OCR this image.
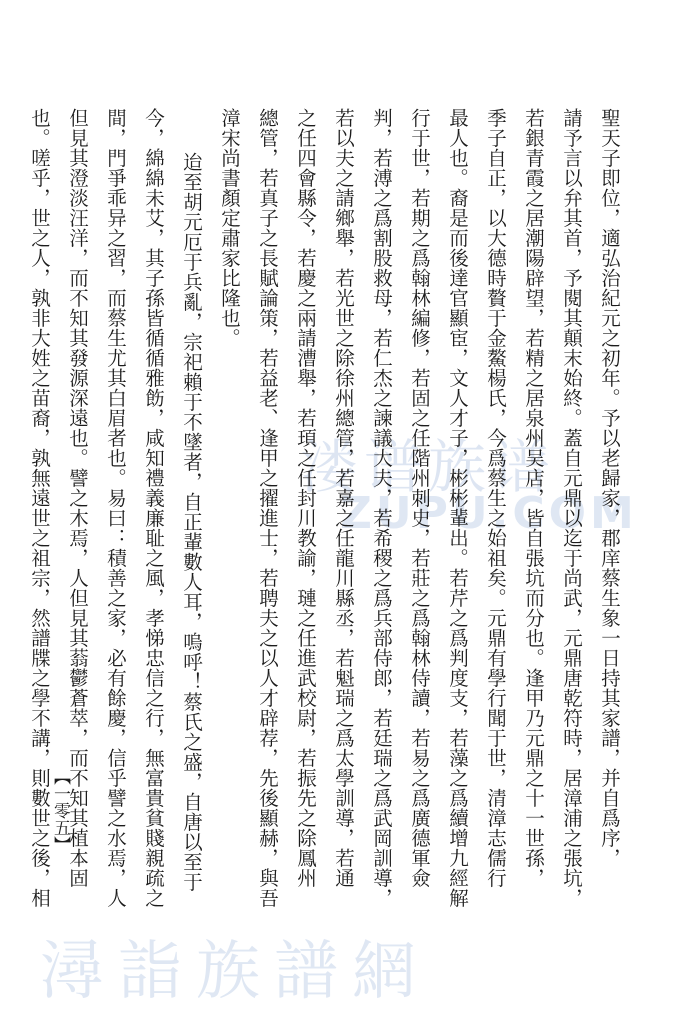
溇谱族谱
ZUPU.COM
潯詣族譜網
聖天子即位，適弘治紀元之初年。予以老歸家，郡庠蔡生象一日持其家譜，并自爲序，
請予言以弁其首，予閱其顛末始終。蓋自元鼎以迄于尚武，元鼎唐乾符時，居漳浦之張坑，
若銀青霞之居潮陽辟望，若精之居泉州吴店，皆自張坑而分也。逢甲乃元鼎之十一世孫，
季子自正，以大德時贅于金鰲楊氏，今爲蔡生之始祖矣。元鼎有學行聞于世，清漳志儒行
最人也。裔是而後達官顯宦，文人才子，彬彬輩出。若芹之爲判度支，若藻之爲續增九經解
行于世，若期之爲翰林編修，若固之任階州刺史，若莊之爲翰林侍讀，若易之爲廣德軍僉
判，若溥之爲割股救母，若仁杰之諫議大夫，若希稷之爲兵部侍郎，若廷瑞之爲武岡訓導，
若以夫之請鄉舉，若光世之除徐州總管，若嘉之任龍川縣丞，若魁瑞之爲太學訓導，若通
之任四會縣令，若慶之兩請漕舉，若頊之任封川教諭，璉之任進武校尉，若振先之除鳳州
總管，若真子之長賦論策，若益老、逢甲之擢進士，若聘夫之以人才辟荐，先後顯赫，與吾
漳宋尚書顏定肅家比隆也。
迨至胡元厄于兵亂，宗祀賴于不墜者，自正輩數人耳，嗚呼！蔡氏之盛，自唐以至于
今，綿綿未艾，其子孫皆循循雅飭，咸知禮義廉耻之風，孝悌忠信之行，無富貴貧賤親疏之
間，門爭乖异之習，而蔡生尤其白眉者也。易曰：積善之家，必有餘慶，信乎譬之水焉，人
但見其澄淡汪洋，而不知其發源深遠也。譬之木焉，人但見其蓊鬱蒼萃，而不知其植本固
也。嗟乎，世之人，孰非大姓之苗裔，孰無遠世之祖宗，然譜牒之學不講，則數世之後，相 【一零五】
